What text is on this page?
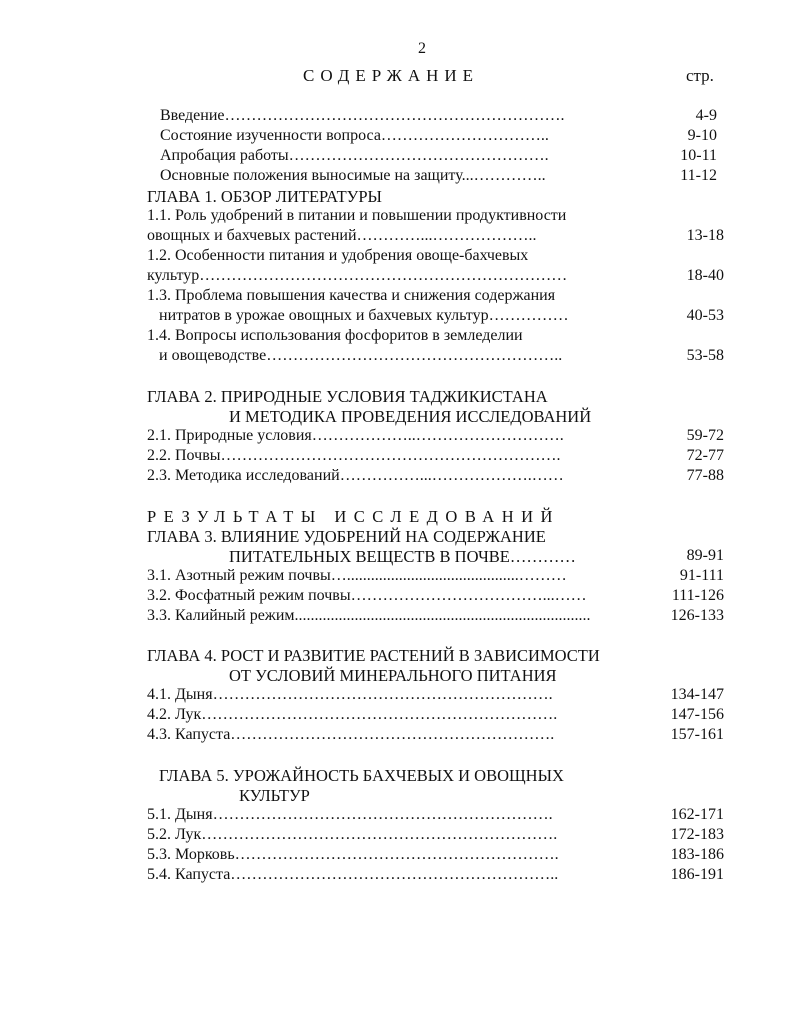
2
СОДЕРЖАНИЕ	стр.
Введение……………………………………………………….	4-9
Состояние изученности вопроса…………………………..	9-10
Апробация работы………………………………………….	10-11
Основные положения выносимые на защиту...…………..	11-12
ГЛАВА 1. ОБЗОР ЛИТЕРАТУРЫ
1.1. Роль удобрений в питании и повышении продуктивности
овощных и бахчевых растений…………...………………..	13-18
1.2. Особенности питания и удобрения овоще-бахчевых
культур……………………………………………………………	18-40
1.3. Проблема повышения качества и снижения содержания
нитратов в урожае овощных и бахчевых культур……………	40-53
1.4. Вопросы использования фосфоритов в земледелии
и овощеводстве………………………………………………..	53-58
ГЛАВА 2. ПРИРОДНЫЕ УСЛОВИЯ ТАДЖИКИСТАНА
И МЕТОДИКА ПРОВЕДЕНИЯ ИССЛЕДОВАНИЙ
2.1. Природные условия………………..……………………….	59-72
2.2. Почвы……………………………………………………….	72-77
2.3. Методика исследований……………...……………….……	77-88
РЕЗУЛЬТАТЫ ИССЛЕДОВАНИЙ
ГЛАВА 3. ВЛИЯНИЕ УДОБРЕНИЙ НА СОДЕРЖАНИЕ
ПИТАТЕЛЬНЫХ ВЕЩЕСТВ В ПОЧВЕ…………	89-91
3.1. Азотный режим почвы…...........................................………	91-111
3.2. Фосфатный режим почвы………………………………...……	111-126
3.3. Калийный режим..........................................................................	126-133
ГЛАВА 4. РОСТ И РАЗВИТИЕ РАСТЕНИЙ В ЗАВИСИМОСТИ
ОТ УСЛОВИЙ МИНЕРАЛЬНОГО ПИТАНИЯ
4.1. Дыня……………………………………………………….	134-147
4.2. Лук………………………………………………………….	147-156
4.3. Капуста…………………………………………………….	157-161
ГЛАВА 5. УРОЖАЙНОСТЬ БАХЧЕВЫХ И ОВОЩНЫХ
КУЛЬТУР
5.1. Дыня……………………………………………………….	162-171
5.2. Лук………………………………………………………….	172-183
5.3. Морковь…………………………………………………….	183-186
5.4. Капуста……………………………………………………..	186-191
